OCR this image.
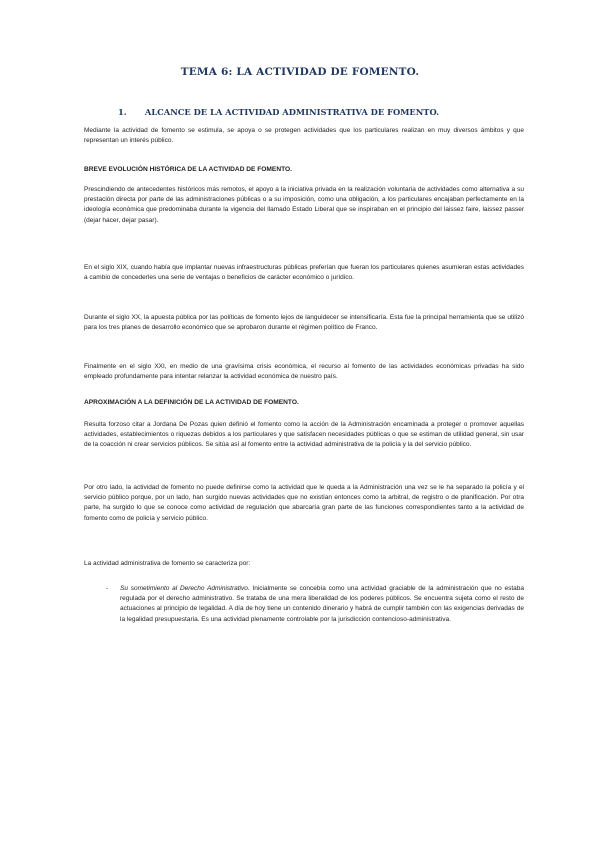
TEMA 6: LA ACTIVIDAD DE FOMENTO.
1. ALCANCE DE LA ACTIVIDAD ADMINISTRATIVA DE FOMENTO.

Mediante la actividad de fomento se estimula, se apoya o se protegen actividades que los particulares realizan en muy diversos ámbitos y que representan un interés público.

BREVE EVOLUCIÓN HISTÓRICA DE LA ACTIVIDAD DE FOMENTO.

Prescindiendo de antecedentes históricos más remotos, el apoyo a la iniciativa privada en la realización voluntaria de actividades como alternativa a su prestación directa por parte de las administraciones públicas o a su imposición, como una obligación, a los particulares encajaban perfectamente en la ideología económica que predominaba durante la vigencia del llamado Estado Liberal que se inspiraban en el principio del laissez faire, laissez passer (dejar hacer, dejar pasar).

En el siglo XIX, cuando había que implantar nuevas infraestructuras públicas preferían que fueran los particulares quienes asumieran estas actividades a cambio de concederles una serie de ventajas o beneficios de carácter económico o jurídico.

Durante el siglo XX, la apuesta pública por las políticas de fomento lejos de languidecer se intensificaría. Esta fue la principal herramienta que se utilizó para los tres planes de desarrollo económico que se aprobaron durante el régimen político de Franco.

Finalmente en el siglo XXI, en medio de una gravísima crisis económica, el recurso al fomento de las actividades económicas privadas ha sido empleado profundamente para intentar relanzar la actividad económica de nuestro país.

APROXIMACIÓN A LA DEFINICIÓN DE LA ACTIVIDAD DE FOMENTO.

Resulta forzoso citar a Jordana De Pozas quien definió el fomento como la acción de la Administración encaminada a proteger o promover aquellas actividades, establecimientos o riquezas debidos a los particulares y que satisfacen necesidades públicas o que se estiman de utilidad general, sin usar de la coacción ni crear servicios públicos. Se sitúa así al fomento entre la actividad administrativa de la policía y la del servicio público.

Por otro lado, la actividad de fomento no puede definirse como la actividad que le queda a la Administración una vez se le ha separado la policía y el servicio público porque, por un lado, han surgido nuevas actividades que no existían entonces como la arbitral, de registro o de planificación. Por otra parte, ha surgido lo que se conoce como actividad de regulación que abarcaría gran parte de las funciones correspondientes tanto a la actividad de fomento como de policía y servicio público.

La actividad administrativa de fomento se caracteriza por:

- Su sometimiento al Derecho Administrativo. Inicialmente se concebía como una actividad graciable de la administración que no estaba regulada por el derecho administrativo. Se trataba de una mera liberalidad de los poderes públicos. Se encuentra sujeta como el resto de actuaciones al principio de legalidad. A día de hoy tiene un contenido dinerario y habrá de cumplir también con las exigencias derivadas de la legalidad presupuestaria. Es una actividad plenamente controlable por la jurisdicción contencioso-administrativa.
